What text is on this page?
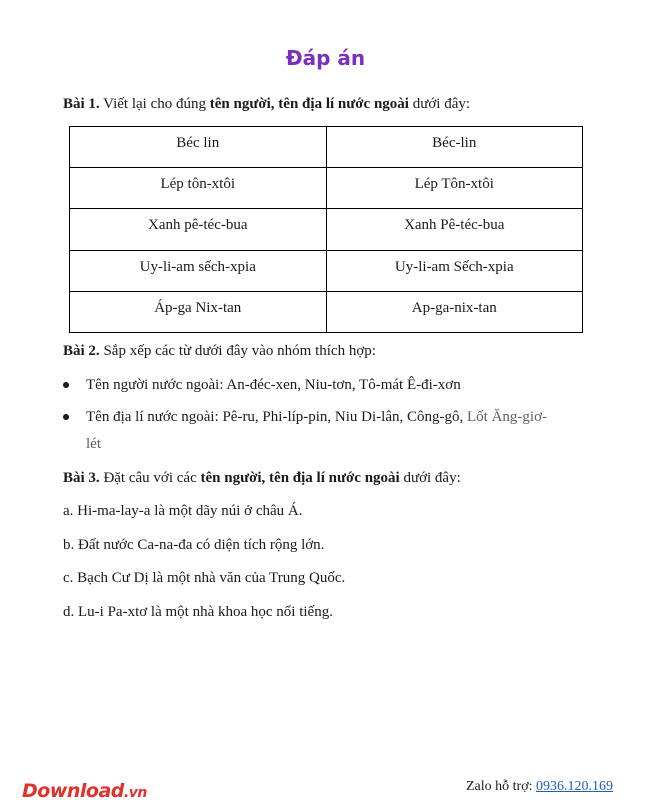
Đáp án
Bài 1. Viết lại cho đúng tên người, tên địa lí nước ngoài dưới đây:
Béc lin	Béc-lin
Lép tôn-xtôi	Lép Tôn-xtôi
Xanh pê-téc-bua	Xanh Pê-téc-bua
Uy-li-am sếch-xpia	Uy-li-am Sếch-xpia
Áp-ga Nix-tan	Ap-ga-nix-tan
Bài 2. Sắp xếp các từ dưới đây vào nhóm thích hợp:
Tên người nước ngoài: An-đéc-xen, Niu-tơn, Tô-mát Ê-đi-xơn
Tên địa lí nước ngoài: Pê-ru, Phi-líp-pin, Niu Di-lân, Công-gô, Lốt Ăng-giơ-
lét
Bài 3. Đặt câu với các tên người, tên địa lí nước ngoài dưới đây:
a. Hi-ma-lay-a là một dãy núi ở châu Á.
b. Đất nước Ca-na-đa có diện tích rộng lớn.
c. Bạch Cư Dị là một nhà văn của Trung Quốc.
d. Lu-i Pa-xtơ là một nhà khoa học nổi tiếng.
Download.vn	Zalo hỗ trợ: 0936.120.169
